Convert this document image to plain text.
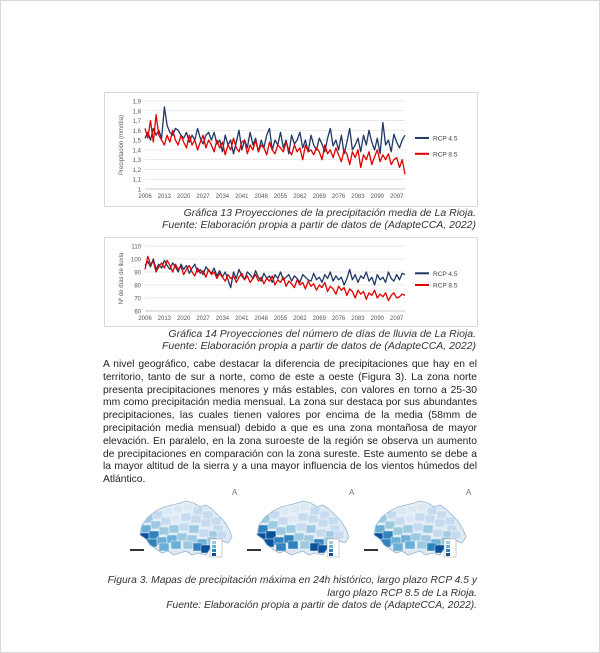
1,9
1,8
1,7
1,6
1,5
1,4
1,3
1,2
1,1
1
2006 2013 2020 2027 2034 2041 2048 2055 2062 2069 2076 2083 2090 2097
Precipitación (mm/día)	RCP 4.5
RCP 8.5
Gráfica 13 Proyecciones de la precipitación media de La Rioja.
Fuente: Elaboración propia a partir de datos de (AdapteCCA, 2022)
110
100
90
80
70
60
2006 2013 2020 2027 2034 2041 2048 2055 2062 2069 2076 2083 2090 2097
Nº de días de lluvia	RCP 4.5
RCP 8.5
Gráfica 14 Proyecciones del número de días de lluvia de La Rioja.
Fuente: Elaboración propia a partir de datos de (AdapteCCA, 2022)
A nivel geográfico, cabe destacar la diferencia de precipitaciones que hay en el territorio, tanto de sur a norte, como de este a oeste (Figura 3). La zona norte presenta precipitaciones menores y más estables, con valores en torno a 25-30 mm como precipitación media mensual. La zona sur destaca por sus abundantes precipitaciones, las cuales tienen valores por encima de la media (58mm de precipitación media mensual) debido a que es una zona montañosa de mayor elevación. En paralelo, en la zona suroeste de la región se observa un aumento de precipitaciones en comparación con la zona sureste. Este aumento se debe a la mayor altitud de la sierra y a una mayor influencia de los vientos húmedos del Atlántico.
A	A	A
Figura 3. Mapas de precipitación máxima en 24h histórico, largo plazo RCP 4.5 y
largo plazo RCP 8.5 de La Rioja.
Fuente: Elaboración propia a partir de datos de (AdapteCCA, 2022).
